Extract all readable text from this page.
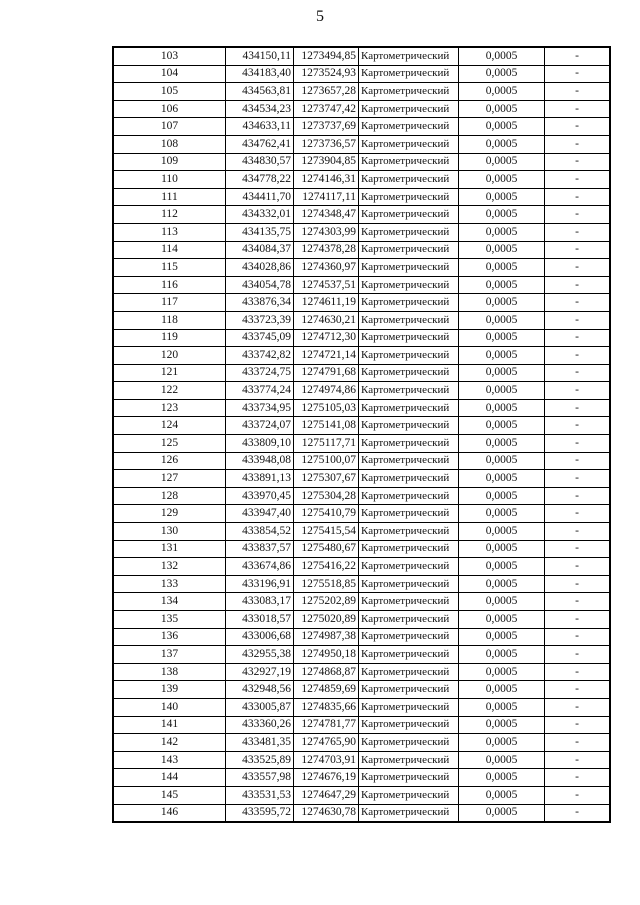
5
103	434150,11	1273494,85	Картометрический	0,0005	-
104	434183,40	1273524,93	Картометрический	0,0005	-
105	434563,81	1273657,28	Картометрический	0,0005	-
106	434534,23	1273747,42	Картометрический	0,0005	-
107	434633,11	1273737,69	Картометрический	0,0005	-
108	434762,41	1273736,57	Картометрический	0,0005	-
109	434830,57	1273904,85	Картометрический	0,0005	-
110	434778,22	1274146,31	Картометрический	0,0005	-
111	434411,70	1274117,11	Картометрический	0,0005	-
112	434332,01	1274348,47	Картометрический	0,0005	-
113	434135,75	1274303,99	Картометрический	0,0005	-
114	434084,37	1274378,28	Картометрический	0,0005	-
115	434028,86	1274360,97	Картометрический	0,0005	-
116	434054,78	1274537,51	Картометрический	0,0005	-
117	433876,34	1274611,19	Картометрический	0,0005	-
118	433723,39	1274630,21	Картометрический	0,0005	-
119	433745,09	1274712,30	Картометрический	0,0005	-
120	433742,82	1274721,14	Картометрический	0,0005	-
121	433724,75	1274791,68	Картометрический	0,0005	-
122	433774,24	1274974,86	Картометрический	0,0005	-
123	433734,95	1275105,03	Картометрический	0,0005	-
124	433724,07	1275141,08	Картометрический	0,0005	-
125	433809,10	1275117,71	Картометрический	0,0005	-
126	433948,08	1275100,07	Картометрический	0,0005	-
127	433891,13	1275307,67	Картометрический	0,0005	-
128	433970,45	1275304,28	Картометрический	0,0005	-
129	433947,40	1275410,79	Картометрический	0,0005	-
130	433854,52	1275415,54	Картометрический	0,0005	-
131	433837,57	1275480,67	Картометрический	0,0005	-
132	433674,86	1275416,22	Картометрический	0,0005	-
133	433196,91	1275518,85	Картометрический	0,0005	-
134	433083,17	1275202,89	Картометрический	0,0005	-
135	433018,57	1275020,89	Картометрический	0,0005	-
136	433006,68	1274987,38	Картометрический	0,0005	-
137	432955,38	1274950,18	Картометрический	0,0005	-
138	432927,19	1274868,87	Картометрический	0,0005	-
139	432948,56	1274859,69	Картометрический	0,0005	-
140	433005,87	1274835,66	Картометрический	0,0005	-
141	433360,26	1274781,77	Картометрический	0,0005	-
142	433481,35	1274765,90	Картометрический	0,0005	-
143	433525,89	1274703,91	Картометрический	0,0005	-
144	433557,98	1274676,19	Картометрический	0,0005	-
145	433531,53	1274647,29	Картометрический	0,0005	-
146	433595,72	1274630,78	Картометрический	0,0005	-
